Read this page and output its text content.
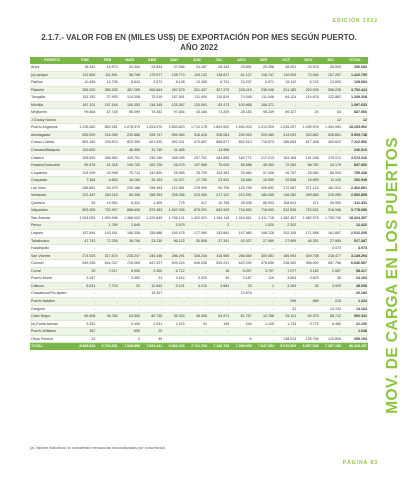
EDICIÓN 2022
2.1.7.- VALOR FOB EN (MILES US$) DE EXPORTACIÓN POR MES SEGÚN PUERTO.
AÑO 2022
PUERTO	ENE	FEB	MAR	ABR	MAY	JUN	JUL	AGO	SEP	OCT	NOV	DIC	TOTAL
Arica	18.442	16.973	24.304	24.894	37.696	24.187	26.343	29.891	25.358	45.091	33.978	26.509	336.083
(a) Iquique	121.800	111.591	98.798	179.577	138.770	119.132	118.817	81.127	116.747	110.929	73.054	157.257	1.420.759
Patillos	10.458	14.706	8.643	9.372	8.138	13.459	6.701	13.297	9.571	15.142	6.742	13.693	128.084
Patache	255.920	280.305	467.265	406.664	287.579	321.437	327.979	228.019	236.946	221.180	220.905	398.226	3.752.424
Tocopilla	151.352	37.993	124.308	72.019	187.461	111.404	110.819	70.048	111.048	64.124	114.678	122.862	1.349.328
Michilla	187.101	157.164	100.353	116.345	125.367	120.591	83.473	100.868	106.371	-	-	-	1.097.633
Mejillones	99.654	67.748	98.099	74.442	97.654	43.184	71.209	28.183	98.249	89.327	20	63	837.966
J.Godoy Nuevo	-	-	-	-	-	-	-	-	-	-	-	12	12
Puerto Angamos	1.235.262	863.281	1.078.379	1.204.070	2.653.823	1.710.178	1.804.502	1.594.203	1.213.929	1.235.257	1.495.978	1.404.084	18.253.962
Antofagasta	835.009	316.289	230.886	295.747	599.364	318.416	208.064	230.943	209.489	414.092	302.862	528.861	5.505.748
Coloso-Caleta	853.162	230.874	823.399	621.920	592.331	470.897	668.877	892.513	715.873	286.893	617.408	453.622	7.222.966
Chanaral/Barquito	100.603	-	48.455	31.749	31.465	-	13.998	-	-	-	-	-	246.913
Caldera	305.693	266.560	426.751	230.245	268.095	237.791	264.895	169.771	217.213	163.165	191.048	270.011	3.073.316
Huasco/Guacolda	59.476	51.316	100.703	100.726	26.075	107.968	75.000	58.588	48.363	72.282	66.760	44.179	847.666
Coquimbo	104.099	43.998	70.714	142.800	26.955	25.709	103.363	29.960	57.408	16.757	25.080	86.093	755.338
Guayacán	7.364	4.654	16.184	26.153	22.227	17.750	23.922	18.465	10.599	22.658	19.899	11.105	252.949
Los Vilos	286.661	63.975	230.186	198.493	122.961	278.099	90.706	125.798	326.692	172.987	371.124	181.912	2.402.891
Ventanas	221.457	263.115	65.396	158.393	208.256	223.459	217.122	213.991	180.065	136.082	399.665	215.289	2.550.855
Quintero	93	19.952	6.324	1.309	775	417	10.706	26.528	86.003	108.814	471	49.953	311.331
Valparaiso	893.305	752.907	888.636	879.283	1.457.006	875.291	652.929	716.953	718.909	532.535	722.531	918.946	9.778.656
San Antonio	1.924.053	1.993.946	1.388.903	1.220.649	1.798.121	1.402.921	1.361.116	1.316.561	1.311.718	1.362.397	1.582.575	1.705.740	18.324.357
Penco	-	1.769	2.649	-	3.579	-	2	-	1.520	2.302	-	-	12.422
Lirquen	157.844	143.451	168.308	155.688	169.478	177.060	153.884	147.980	198.128	202.345	171.588	161.867	2.012.205
Talcahuano	47.743	72.336	38.796	23.230	86.122	30.508	37.391	42.027	27.969	27.899	46.351	27.965	517.387
Huachipato	-	-	-	-	-	-	-	-	-	-	-	4.973	4.973
San Vicente	274.923	317.874	235.247	240.446	286.291	326.240	318.969	268.369	300.081	185.993	309.708	218.477	3.149.294
Coronel	549.255	641.037	726.065	547.227	509.224	546.036	525.231	622.292	478.650	238.450	356.000	557.766	6.636.557
Corral	25	7.017	8.900	2.300	6.712	-	16	5.097	3.797	7.077	3.182	2.067	58.417
Puerto Montt	3.047	-	3.492	31	3.514	3.320	45	3.187	119	3.664	3.629	36	24.103
Calbuco	6.641	7.703	23	12.842	5.101	4.210	3.684	23	1	3.269	30	3.929	48.008
Chacabuco/Pto.Aysen	-	-	-	15.307	-	-	-	10.876	-	-	-	-	26.183
Puerto Natales	-	-	-	-	-	-	-	-	-	299	689	215	1.224
Gregorio	-	-	-	-	-	-	-	-	-	31	-	14.133	14.164
Cabo Negro	69.406	36.780	63.550	60.735	35.334	36.408	63.971	61.757	10.786	25.121	63.379	88.712	590.342
(a) Punta Arenas	3.332	-	9.406	2.031	2.474	91	165	246	1.105	1.733	3.775	6.480	22.230
Puerto Williams	367	-	659	22	-	-	-	-	-	-	-	-	1.048
Otros Puertos	23	-	2	49	-	-	-	6	-	138.514	135.794	120.806	395.194
TOTAL	8.845.542	6.794.651	7.948.898	7.069.441	9.962.223	7.711.764	7.182.745	7.098.905	7.047.354	5.976.800	6.967.545	7.357.193	96.418.257
(a) Valores indicados no consideran mercancías nacionalizadas por zona franca
MOV. DE CARGA EN LOS PUERTOS
PÁGINA 83
